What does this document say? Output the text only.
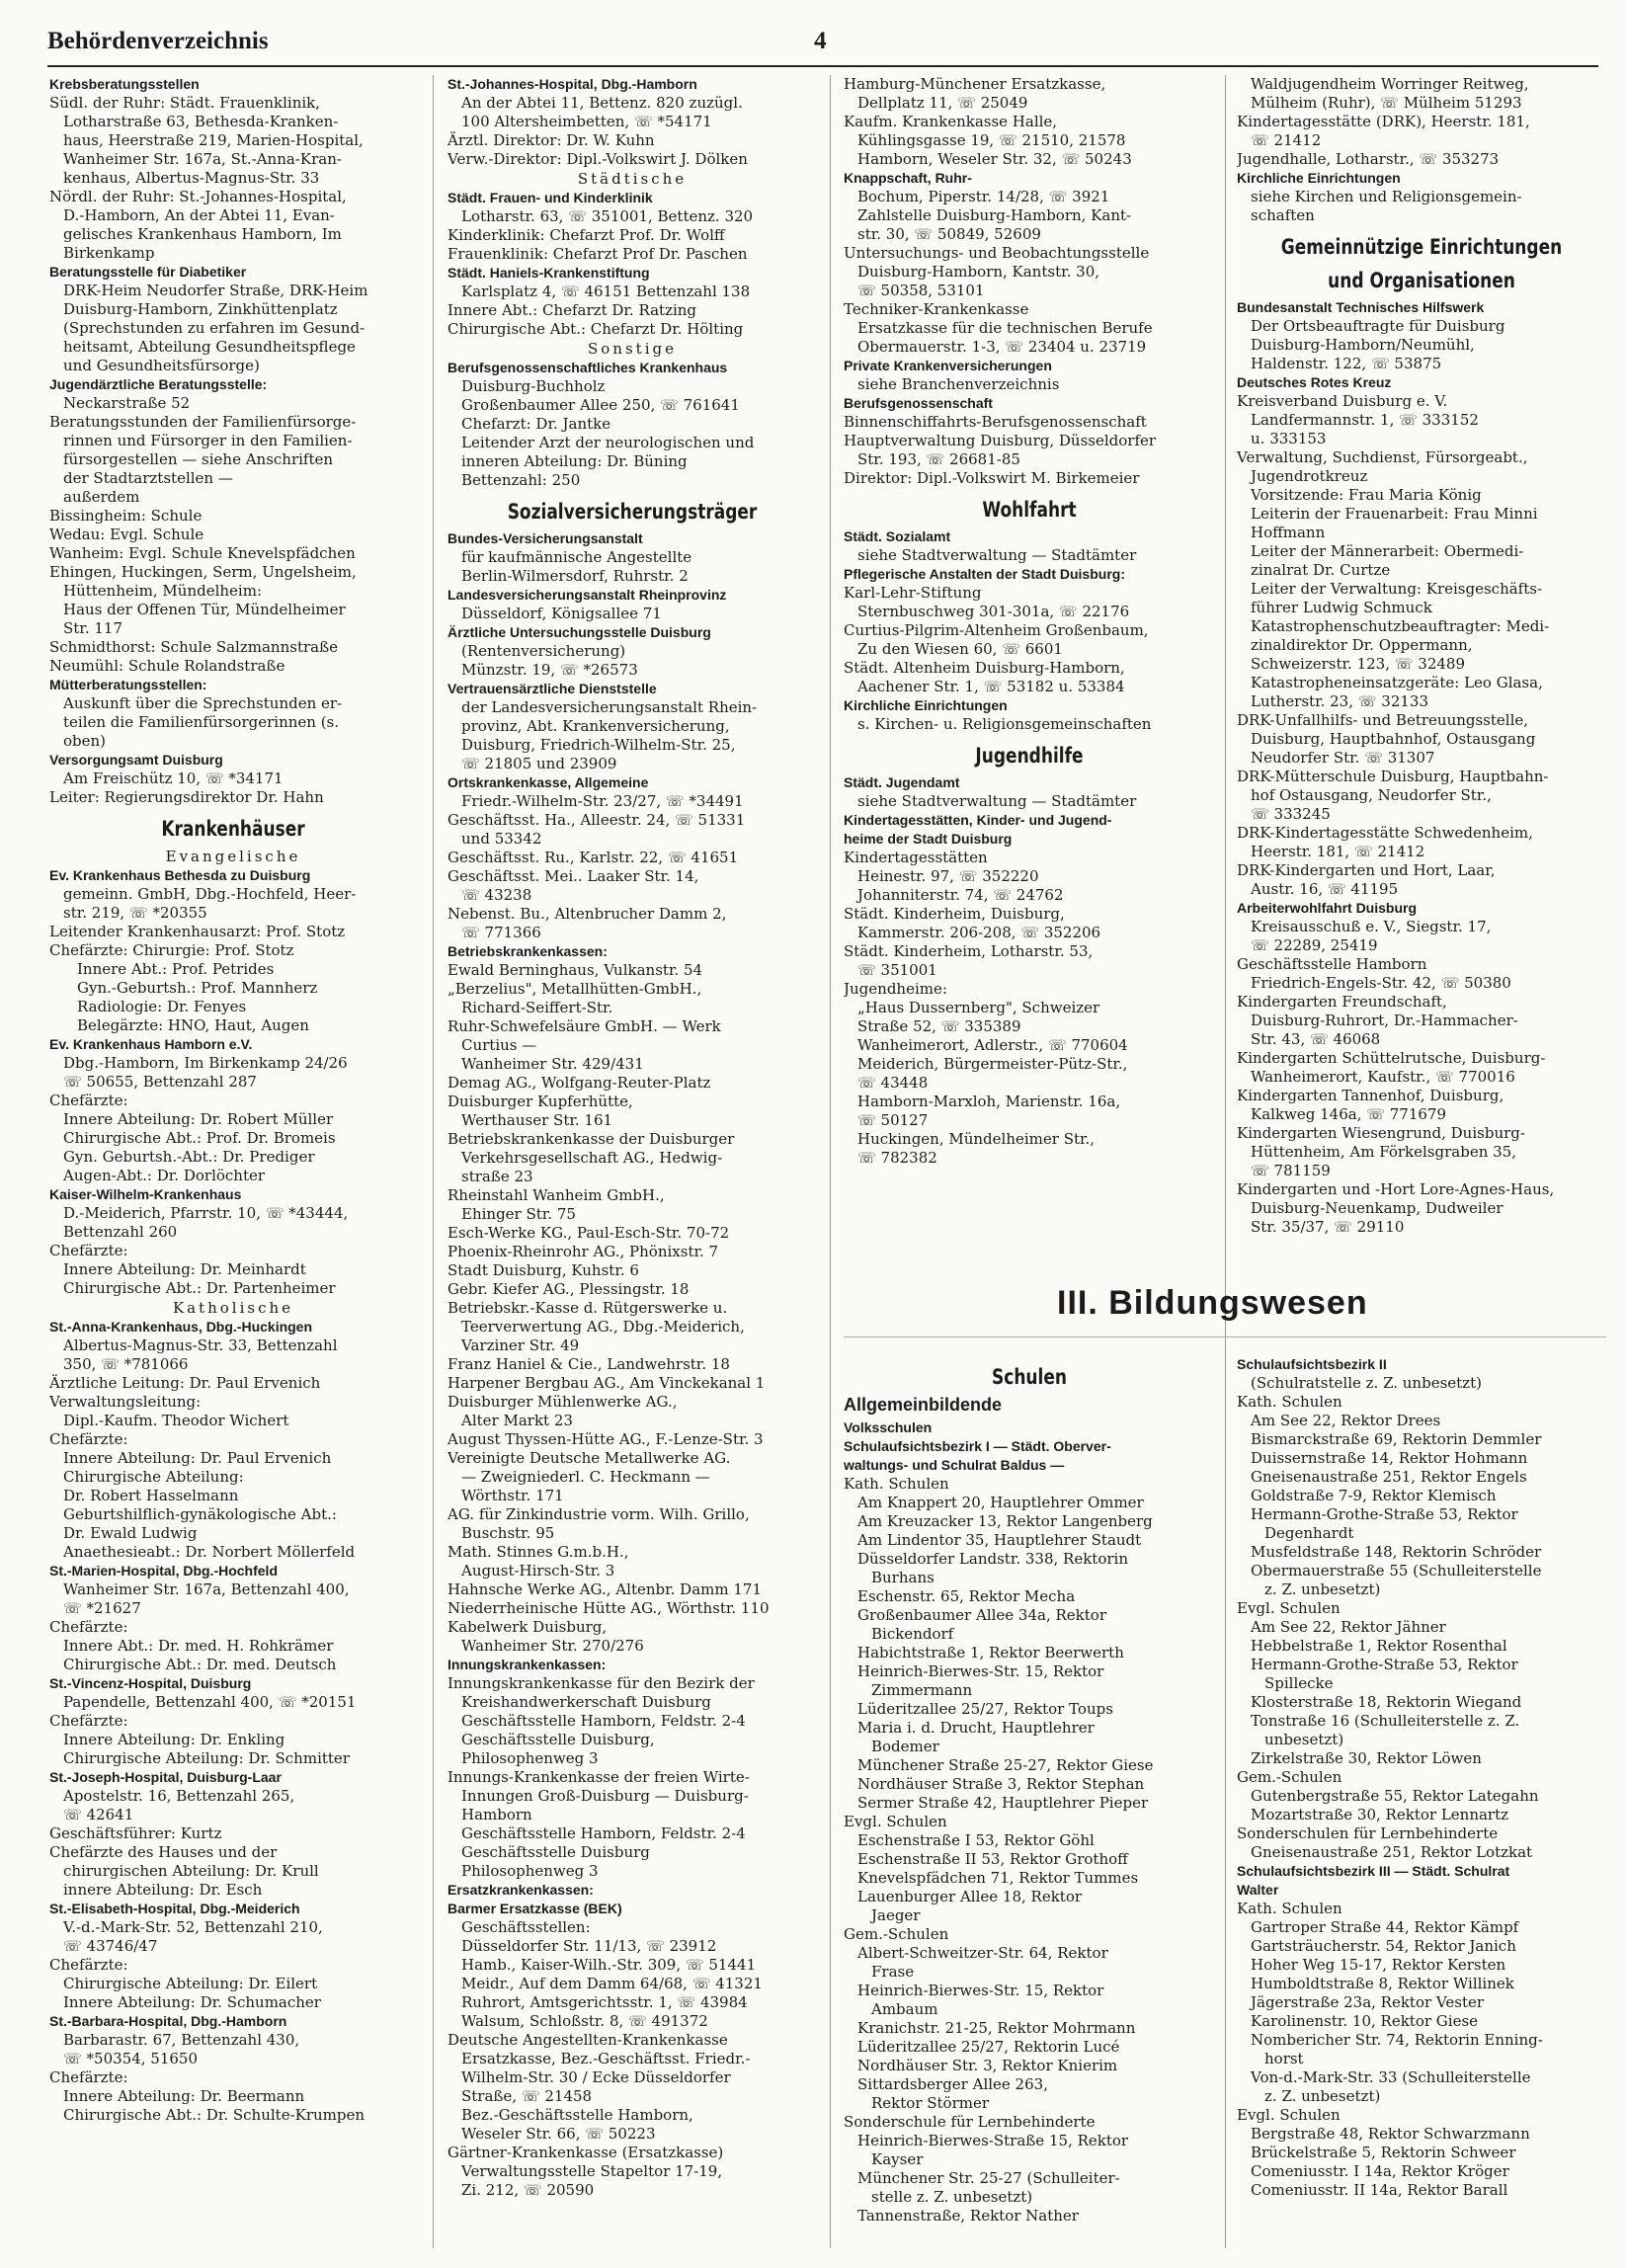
Behördenverzeichnis	4
Krebsberatungsstellen
Südl. der Ruhr: Städt. Frauenklinik,
Lotharstraße 63, Bethesda-Kranken-
haus, Heerstraße 219, Marien-Hospital,
Wanheimer Str. 167a, St.-Anna-Kran-
kenhaus, Albertus-Magnus-Str. 33
Nördl. der Ruhr: St.-Johannes-Hospital,
D.-Hamborn, An der Abtei 11, Evan-
gelisches Krankenhaus Hamborn, Im
Birkenkamp
Beratungsstelle für Diabetiker
DRK-Heim Neudorfer Straße, DRK-Heim
Duisburg-Hamborn, Zinkhüttenplatz
(Sprechstunden zu erfahren im Gesund-
heitsamt, Abteilung Gesundheitspflege
und Gesundheitsfürsorge)
Jugendärztliche Beratungsstelle:
Neckarstraße 52
Beratungsstunden der Familienfürsorge-
rinnen und Fürsorger in den Familien-
fürsorgestellen — siehe Anschriften
der Stadtarztstellen —
außerdem
Bissingheim: Schule
Wedau: Evgl. Schule
Wanheim: Evgl. Schule Knevelspfädchen
Ehingen, Huckingen, Serm, Ungelsheim,
Hüttenheim, Mündelheim:
Haus der Offenen Tür, Mündelheimer
Str. 117
Schmidthorst: Schule Salzmannstraße
Neumühl: Schule Rolandstraße
Mütterberatungsstellen:
Auskunft über die Sprechstunden er-
teilen die Familienfürsorgerinnen (s.
oben)
Versorgungsamt Duisburg
Am Freischütz 10, ☏ *34171
Leiter: Regierungsdirektor Dr. Hahn
Krankenhäuser
Evangelische
Ev. Krankenhaus Bethesda zu Duisburg
gemeinn. GmbH, Dbg.-Hochfeld, Heer-
str. 219, ☏ *20355
Leitender Krankenhausarzt: Prof. Stotz
Chefärzte: Chirurgie: Prof. Stotz
Innere Abt.: Prof. Petrides
Gyn.-Geburtsh.: Prof. Mannherz
Radiologie: Dr. Fenyes
Belegärzte: HNO, Haut, Augen
Ev. Krankenhaus Hamborn e.V.
Dbg.-Hamborn, Im Birkenkamp 24/26
☏ 50655, Bettenzahl 287
Chefärzte:
Innere Abteilung: Dr. Robert Müller
Chirurgische Abt.: Prof. Dr. Bromeis
Gyn. Geburtsh.-Abt.: Dr. Prediger
Augen-Abt.: Dr. Dorlöchter
Kaiser-Wilhelm-Krankenhaus
D.-Meiderich, Pfarrstr. 10, ☏ *43444,
Bettenzahl 260
Chefärzte:
Innere Abteilung: Dr. Meinhardt
Chirurgische Abt.: Dr. Partenheimer
Katholische
St.-Anna-Krankenhaus, Dbg.-Huckingen
Albertus-Magnus-Str. 33, Bettenzahl
350, ☏ *781066
Ärztliche Leitung: Dr. Paul Ervenich
Verwaltungsleitung:
Dipl.-Kaufm. Theodor Wichert
Chefärzte:
Innere Abteilung: Dr. Paul Ervenich
Chirurgische Abteilung:
Dr. Robert Hasselmann
Geburtshilflich-gynäkologische Abt.:
Dr. Ewald Ludwig
Anaethesieabt.: Dr. Norbert Möllerfeld
St.-Marien-Hospital, Dbg.-Hochfeld
Wanheimer Str. 167a, Bettenzahl 400,
☏ *21627
Chefärzte:
Innere Abt.: Dr. med. H. Rohkrämer
Chirurgische Abt.: Dr. med. Deutsch
St.-Vincenz-Hospital, Duisburg
Papendelle, Bettenzahl 400, ☏ *20151
Chefärzte:
Innere Abteilung: Dr. Enkling
Chirurgische Abteilung: Dr. Schmitter
St.-Joseph-Hospital, Duisburg-Laar
Apostelstr. 16, Bettenzahl 265,
☏ 42641
Geschäftsführer: Kurtz
Chefärzte des Hauses und der
chirurgischen Abteilung: Dr. Krull
innere Abteilung: Dr. Esch
St.-Elisabeth-Hospital, Dbg.-Meiderich
V.-d.-Mark-Str. 52, Bettenzahl 210,
☏ 43746/47
Chefärzte:
Chirurgische Abteilung: Dr. Eilert
Innere Abteilung: Dr. Schumacher
St.-Barbara-Hospital, Dbg.-Hamborn
Barbarastr. 67, Bettenzahl 430,
☏ *50354, 51650
Chefärzte:
Innere Abteilung: Dr. Beermann
Chirurgische Abt.: Dr. Schulte-Krumpen
St.-Johannes-Hospital, Dbg.-Hamborn
An der Abtei 11, Bettenz. 820 zuzügl.
100 Altersheimbetten, ☏ *54171
Ärztl. Direktor: Dr. W. Kuhn
Verw.-Direktor: Dipl.-Volkswirt J. Dölken
Städtische
Städt. Frauen- und Kinderklinik
Lotharstr. 63, ☏ 351001, Bettenz. 320
Kinderklinik: Chefarzt Prof. Dr. Wolff
Frauenklinik: Chefarzt Prof Dr. Paschen
Städt. Haniels-Krankenstiftung
Karlsplatz 4, ☏ 46151 Bettenzahl 138
Innere Abt.: Chefarzt Dr. Ratzing
Chirurgische Abt.: Chefarzt Dr. Hölting
Sonstige
Berufsgenossenschaftliches Krankenhaus
Duisburg-Buchholz
Großenbaumer Allee 250, ☏ 761641
Chefarzt: Dr. Jantke
Leitender Arzt der neurologischen und
inneren Abteilung: Dr. Büning
Bettenzahl: 250
Sozialversicherungsträger
Bundes-Versicherungsanstalt
für kaufmännische Angestellte
Berlin-Wilmersdorf, Ruhrstr. 2
Landesversicherungsanstalt Rheinprovinz
Düsseldorf, Königsallee 71
Ärztliche Untersuchungsstelle Duisburg
(Rentenversicherung)
Münzstr. 19, ☏ *26573
Vertrauensärztliche Dienststelle
der Landesversicherungsanstalt Rhein-
provinz, Abt. Krankenversicherung,
Duisburg, Friedrich-Wilhelm-Str. 25,
☏ 21805 und 23909
Ortskrankenkasse, Allgemeine
Friedr.-Wilhelm-Str. 23/27, ☏ *34491
Geschäftsst. Ha., Alleestr. 24, ☏ 51331
und 53342
Geschäftsst. Ru., Karlstr. 22, ☏ 41651
Geschäftsst. Mei.. Laaker Str. 14,
☏ 43238
Nebenst. Bu., Altenbrucher Damm 2,
☏ 771366
Betriebskrankenkassen:
Ewald Berninghaus, Vulkanstr. 54
„Berzelius", Metallhütten-GmbH.,
Richard-Seiffert-Str.
Ruhr-Schwefelsäure GmbH. — Werk
Curtius —
Wanheimer Str. 429/431
Demag AG., Wolfgang-Reuter-Platz
Duisburger Kupferhütte,
Werthauser Str. 161
Betriebskrankenkasse der Duisburger
Verkehrsgesellschaft AG., Hedwig-
straße 23
Rheinstahl Wanheim GmbH.,
Ehinger Str. 75
Esch-Werke KG., Paul-Esch-Str. 70-72
Phoenix-Rheinrohr AG., Phönixstr. 7
Stadt Duisburg, Kuhstr. 6
Gebr. Kiefer AG., Plessingstr. 18
Betriebskr.-Kasse d. Rütgerswerke u.
Teerverwertung AG., Dbg.-Meiderich,
Varziner Str. 49
Franz Haniel & Cie., Landwehrstr. 18
Harpener Bergbau AG., Am Vinckekanal 1
Duisburger Mühlenwerke AG.,
Alter Markt 23
August Thyssen-Hütte AG., F.-Lenze-Str. 3
Vereinigte Deutsche Metallwerke AG.
— Zweigniederl. C. Heckmann —
Wörthstr. 171
AG. für Zinkindustrie vorm. Wilh. Grillo,
Buschstr. 95
Math. Stinnes G.m.b.H.,
August-Hirsch-Str. 3
Hahnsche Werke AG., Altenbr. Damm 171
Niederrheinische Hütte AG., Wörthstr. 110
Kabelwerk Duisburg,
Wanheimer Str. 270/276
Innungskrankenkassen:
Innungskrankenkasse für den Bezirk der
Kreishandwerkerschaft Duisburg
Geschäftsstelle Hamborn, Feldstr. 2-4
Geschäftsstelle Duisburg,
Philosophenweg 3
Innungs-Krankenkasse der freien Wirte-
Innungen Groß-Duisburg — Duisburg-
Hamborn
Geschäftsstelle Hamborn, Feldstr. 2-4
Geschäftsstelle Duisburg
Philosophenweg 3
Ersatzkrankenkassen:
Barmer Ersatzkasse (BEK)
Geschäftsstellen:
Düsseldorfer Str. 11/13, ☏ 23912
Hamb., Kaiser-Wilh.-Str. 309, ☏ 51441
Meidr., Auf dem Damm 64/68, ☏ 41321
Ruhrort, Amtsgerichtsstr. 1, ☏ 43984
Walsum, Schloßstr. 8, ☏ 491372
Deutsche Angestellten-Krankenkasse
Ersatzkasse, Bez.-Geschäftsst. Friedr.-
Wilhelm-Str. 30 / Ecke Düsseldorfer
Straße, ☏ 21458
Bez.-Geschäftsstelle Hamborn,
Weseler Str. 66, ☏ 50223
Gärtner-Krankenkasse (Ersatzkasse)
Verwaltungsstelle Stapeltor 17-19,
Zi. 212, ☏ 20590
Hamburg-Münchener Ersatzkasse,
Dellplatz 11, ☏ 25049
Kaufm. Krankenkasse Halle,
Kühlingsgasse 19, ☏ 21510, 21578
Hamborn, Weseler Str. 32, ☏ 50243
Knappschaft, Ruhr-
Bochum, Piperstr. 14/28, ☏ 3921
Zahlstelle Duisburg-Hamborn, Kant-
str. 30, ☏ 50849, 52609
Untersuchungs- und Beobachtungsstelle
Duisburg-Hamborn, Kantstr. 30,
☏ 50358, 53101
Techniker-Krankenkasse
Ersatzkasse für die technischen Berufe
Obermauerstr. 1-3, ☏ 23404 u. 23719
Private Krankenversicherungen
siehe Branchenverzeichnis
Berufsgenossenschaft
Binnenschiffahrts-Berufsgenossenschaft
Hauptverwaltung Duisburg, Düsseldorfer
Str. 193, ☏ 26681-85
Direktor: Dipl.-Volkswirt M. Birkemeier
Wohlfahrt
Städt. Sozialamt
siehe Stadtverwaltung — Stadtämter
Pflegerische Anstalten der Stadt Duisburg:
Karl-Lehr-Stiftung
Sternbuschweg 301-301a, ☏ 22176
Curtius-Pilgrim-Altenheim Großenbaum,
Zu den Wiesen 60, ☏ 6601
Städt. Altenheim Duisburg-Hamborn,
Aachener Str. 1, ☏ 53182 u. 53384
Kirchliche Einrichtungen
s. Kirchen- u. Religionsgemeinschaften
Jugendhilfe
Städt. Jugendamt
siehe Stadtverwaltung — Stadtämter
Kindertagesstätten, Kinder- und Jugend-
heime der Stadt Duisburg
Kindertagesstätten
Heinestr. 97, ☏ 352220
Johanniterstr. 74, ☏ 24762
Städt. Kinderheim, Duisburg,
Kammerstr. 206-208, ☏ 352206
Städt. Kinderheim, Lotharstr. 53,
☏ 351001
Jugendheime:
„Haus Dussernberg", Schweizer
Straße 52, ☏ 335389
Wanheimerort, Adlerstr., ☏ 770604
Meiderich, Bürgermeister-Pütz-Str.,
☏ 43448
Hamborn-Marxloh, Marienstr. 16a,
☏ 50127
Huckingen, Mündelheimer Str.,
☏ 782382
Waldjugendheim Worringer Reitweg,
Mülheim (Ruhr), ☏ Mülheim 51293
Kindertagesstätte (DRK), Heerstr. 181,
☏ 21412
Jugendhalle, Lotharstr., ☏ 353273
Kirchliche Einrichtungen
siehe Kirchen und Religionsgemein-
schaften
Gemeinnützige Einrichtungen
und Organisationen
Bundesanstalt Technisches Hilfswerk
Der Ortsbeauftragte für Duisburg
Duisburg-Hamborn/Neumühl,
Haldenstr. 122, ☏ 53875
Deutsches Rotes Kreuz
Kreisverband Duisburg e. V.
Landfermannstr. 1, ☏ 333152
u. 333153
Verwaltung, Suchdienst, Fürsorgeabt.,
Jugendrotkreuz
Vorsitzende: Frau Maria König
Leiterin der Frauenarbeit: Frau Minni
Hoffmann
Leiter der Männerarbeit: Obermedi-
zinalrat Dr. Curtze
Leiter der Verwaltung: Kreisgeschäfts-
führer Ludwig Schmuck
Katastrophenschutzbeauftragter: Medi-
zinaldirektor Dr. Oppermann,
Schweizerstr. 123, ☏ 32489
Katastropheneinsatzgeräte: Leo Glasa,
Lutherstr. 23, ☏ 32133
DRK-Unfallhilfs- und Betreuungsstelle,
Duisburg, Hauptbahnhof, Ostausgang
Neudorfer Str. ☏ 31307
DRK-Mütterschule Duisburg, Hauptbahn-
hof Ostausgang, Neudorfer Str.,
☏ 333245
DRK-Kindertagesstätte Schwedenheim,
Heerstr. 181, ☏ 21412
DRK-Kindergarten und Hort, Laar,
Austr. 16, ☏ 41195
Arbeiterwohlfahrt Duisburg
Kreisausschuß e. V., Siegstr. 17,
☏ 22289, 25419
Geschäftsstelle Hamborn
Friedrich-Engels-Str. 42, ☏ 50380
Kindergarten Freundschaft,
Duisburg-Ruhrort, Dr.-Hammacher-
Str. 43, ☏ 46068
Kindergarten Schüttelrutsche, Duisburg-
Wanheimerort, Kaufstr., ☏ 770016
Kindergarten Tannenhof, Duisburg,
Kalkweg 146a, ☏ 771679
Kindergarten Wiesengrund, Duisburg-
Hüttenheim, Am Förkelsgraben 35,
☏ 781159
Kindergarten und -Hort Lore-Agnes-Haus,
Duisburg-Neuenkamp, Dudweiler
Str. 35/37, ☏ 29110
III. Bildungswesen
Schulen
Allgemeinbildende
Volksschulen
Schulaufsichtsbezirk I — Städt. Oberver-
waltungs- und Schulrat Baldus —
Kath. Schulen
Am Knappert 20, Hauptlehrer Ommer
Am Kreuzacker 13, Rektor Langenberg
Am Lindentor 35, Hauptlehrer Staudt
Düsseldorfer Landstr. 338, Rektorin
Burhans
Eschenstr. 65, Rektor Mecha
Großenbaumer Allee 34a, Rektor
Bickendorf
Habichtstraße 1, Rektor Beerwerth
Heinrich-Bierwes-Str. 15, Rektor
Zimmermann
Lüderitzallee 25/27, Rektor Toups
Maria i. d. Drucht, Hauptlehrer
Bodemer
Münchener Straße 25-27, Rektor Giese
Nordhäuser Straße 3, Rektor Stephan
Sermer Straße 42, Hauptlehrer Pieper
Evgl. Schulen
Eschenstraße I 53, Rektor Göhl
Eschenstraße II 53, Rektor Grothoff
Knevelspfädchen 71, Rektor Tummes
Lauenburger Allee 18, Rektor
Jaeger
Gem.-Schulen
Albert-Schweitzer-Str. 64, Rektor
Frase
Heinrich-Bierwes-Str. 15, Rektor
Ambaum
Kranichstr. 21-25, Rektor Mohrmann
Lüderitzallee 25/27, Rektorin Lucé
Nordhäuser Str. 3, Rektor Knierim
Sittardsberger Allee 263,
Rektor Störmer
Sonderschule für Lernbehinderte
Heinrich-Bierwes-Straße 15, Rektor
Kayser
Münchener Str. 25-27 (Schulleiter-
stelle z. Z. unbesetzt)
Tannenstraße, Rektor Nather
Schulaufsichtsbezirk II
(Schulratstelle z. Z. unbesetzt)
Kath. Schulen
Am See 22, Rektor Drees
Bismarckstraße 69, Rektorin Demmler
Duissernstraße 14, Rektor Hohmann
Gneisenaustraße 251, Rektor Engels
Goldstraße 7-9, Rektor Klemisch
Hermann-Grothe-Straße 53, Rektor
Degenhardt
Musfeldstraße 148, Rektorin Schröder
Obermauerstraße 55 (Schulleiterstelle
z. Z. unbesetzt)
Evgl. Schulen
Am See 22, Rektor Jähner
Hebbelstraße 1, Rektor Rosenthal
Hermann-Grothe-Straße 53, Rektor
Spillecke
Klosterstraße 18, Rektorin Wiegand
Tonstraße 16 (Schulleiterstelle z. Z.
unbesetzt)
Zirkelstraße 30, Rektor Löwen
Gem.-Schulen
Gutenbergstraße 55, Rektor Lategahn
Mozartstraße 30, Rektor Lennartz
Sonderschulen für Lernbehinderte
Gneisenaustraße 251, Rektor Lotzkat
Schulaufsichtsbezirk III — Städt. Schulrat
Walter
Kath. Schulen
Gartroper Straße 44, Rektor Kämpf
Gartsträucherstr. 54, Rektor Janich
Hoher Weg 15-17, Rektor Kersten
Humboldtstraße 8, Rektor Willinek
Jägerstraße 23a, Rektor Vester
Karolinenstr. 10, Rektor Giese
Nombericher Str. 74, Rektorin Enning-
horst
Von-d.-Mark-Str. 33 (Schulleiterstelle
z. Z. unbesetzt)
Evgl. Schulen
Bergstraße 48, Rektor Schwarzmann
Brückelstraße 5, Rektorin Schweer
Comeniusstr. I 14a, Rektor Kröger
Comeniusstr. II 14a, Rektor Barall
